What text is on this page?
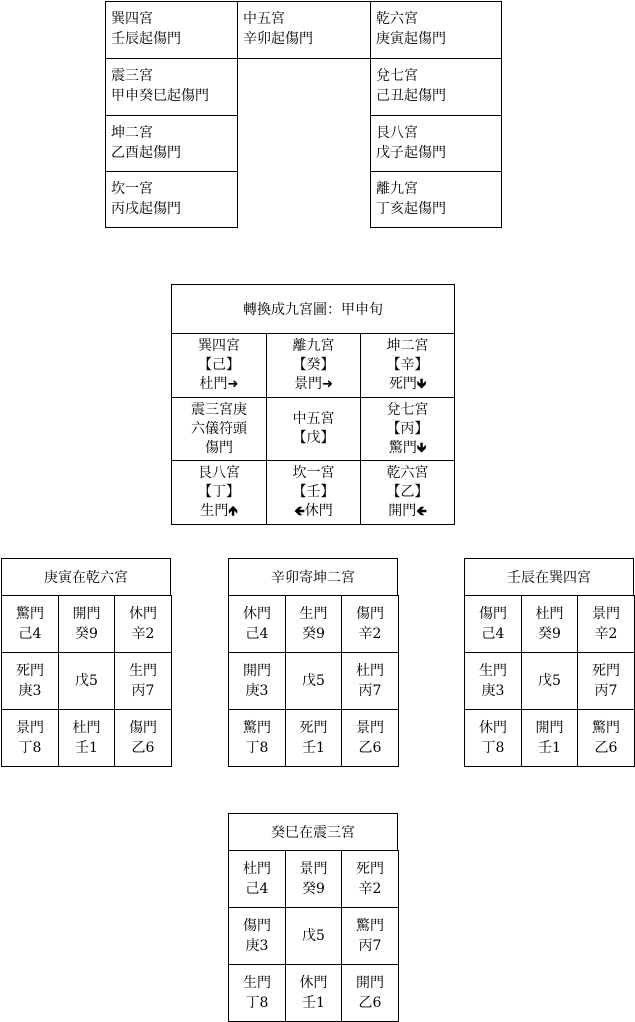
巽四宮
壬辰起傷門
中五宮
辛卯起傷門
乾六宮
庚寅起傷門
震三宮
甲申癸巳起傷門
兌七宮
己丑起傷門
坤二宮
乙酉起傷門
艮八宮
戊子起傷門
坎一宮
丙戌起傷門
離九宮
丁亥起傷門
轉換成九宮圖：甲申旬
巽四宮
【己】
杜門➜
離九宮
【癸】
景門➜
坤二宮
【辛】
死門🡻
震三宮庚
六儀符頭
傷門
中五宮
【戊】
兌七宮
【丙】
驚門🡻
艮八宮
【丁】
生門🡹
坎一宮
【壬】
🡸休門
乾六宮
【乙】
開門🡸
庚寅在乾六宮
驚門
己4
開門
癸9
休門
辛2
死門
庚3
戊5
生門
丙7
景門
丁8
杜門
壬1
傷門
乙6
辛卯寄坤二宮
休門
己4
生門
癸9
傷門
辛2
開門
庚3
戊5
杜門
丙7
驚門
丁8
死門
壬1
景門
乙6
壬辰在巽四宮
傷門
己4
杜門
癸9
景門
辛2
生門
庚3
戊5
死門
丙7
休門
丁8
開門
壬1
驚門
乙6
癸巳在震三宮
杜門
己4
景門
癸9
死門
辛2
傷門
庚3
戊5
驚門
丙7
生門
丁8
休門
壬1
開門
乙6
